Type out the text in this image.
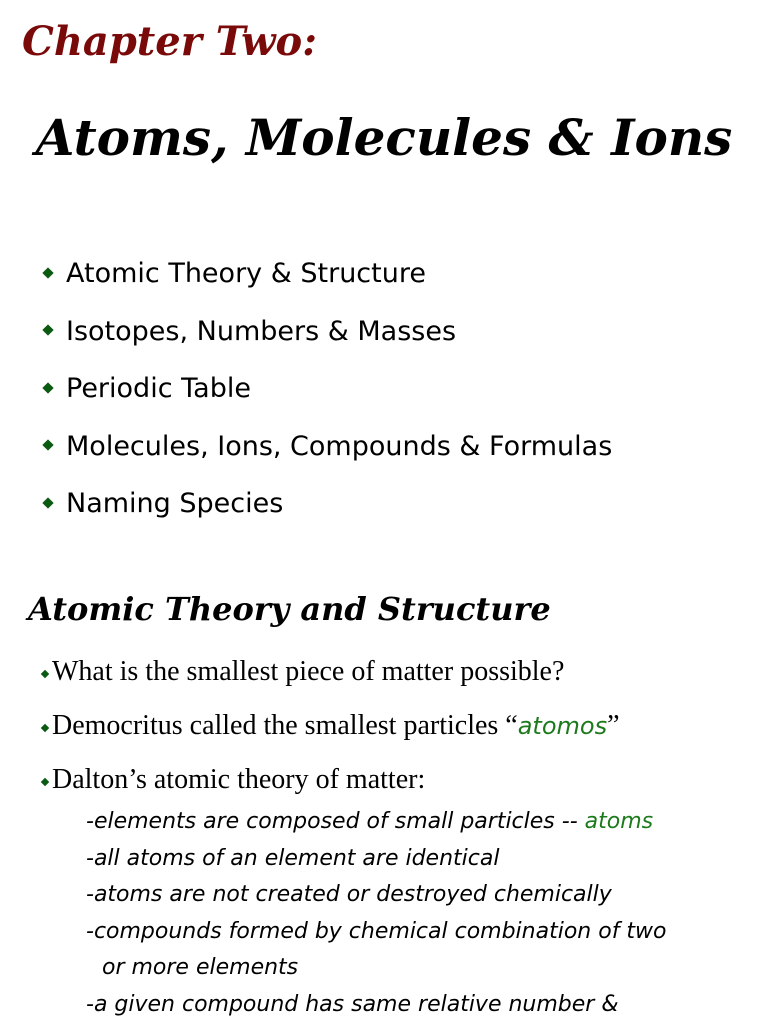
Chapter Two:
Atoms, Molecules & Ions
Atomic Theory & Structure
Isotopes, Numbers & Masses
Periodic Table
Molecules, Ions, Compounds & Formulas
Naming Species
Atomic Theory and Structure

What is the smallest piece of matter possible?

Democritus called the smallest particles “atomos”

Dalton’s atomic theory of matter:

-elements are composed of small particles -- atoms
-all atoms of an element are identical
-atoms are not created or destroyed chemically
-compounds formed by chemical combination of two
or more elements
-a given compound has same relative number &
